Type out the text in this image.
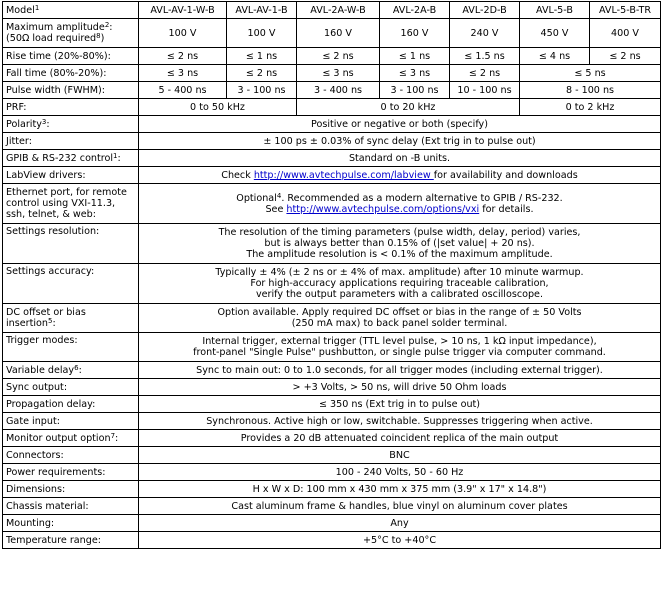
Model$^1$	AVL-AV-1-W-B	AVL-AV-1-B	AVL-2A-W-B	AVL-2A-B	AVL-2D-B	AVL-5-B	AVL-5-B-TR

Maximum amplitude$^2$:
(50Ω load required$^8$)	100 V	100 V	160 V	160 V	240 V	450 V	400 V
Rise time (20%-80%):	≤ 2 ns	≤ 1 ns	≤ 2 ns	≤ 1 ns	≤ 1.5 ns	≤ 4 ns	≤ 2 ns
Fall time (80%-20%):	≤ 3 ns	≤ 2 ns	≤ 3 ns	≤ 3 ns	≤ 2 ns	≤ 5 ns	
Pulse width (FWHM):	5 - 400 ns	3 - 100 ns	3 - 400 ns	3 - 100 ns	10 - 100 ns	8 - 100 ns	
PRF:	0 to 50 kHz		0 to 20 kHz			0 to 2 kHz	
Polarity$^3$:	Positive or negative or both (specify)						
Jitter:	± 100 ps ± 0.03% of sync delay (Ext trig in to pulse out)						
GPIB & RS-232 control$^1$:	Standard on -B units.						
LabView drivers:	Check http://www.avtechpulse.com/labview for availability and downloads						

Ethernet port, for remote
control using VXI-11.3,
ssh, telnet, & web:	Optional$^4$. Recommended as a modern alternative to GPIB / RS-232.
See http://www.avtechpulse.com/options/vxi for details.						

Settings resolution:	The resolution of the timing parameters (pulse width, delay, period) varies,
but is always better than 0.15% of (|set value| + 20 ns).
The amplitude resolution is < 0.1% of the maximum amplitude.						

Settings accuracy:	Typically ± 4% (± 2 ns or ± 4% of max. amplitude) after 10 minute warmup.
For high-accuracy applications requiring traceable calibration,
verify the output parameters with a calibrated oscilloscope.						

DC offset or bias
insertion$^5$:	Option available. Apply required DC offset or bias in the range of ± 50 Volts
(250 mA max) to back panel solder terminal.						

Trigger modes:	Internal trigger, external trigger (TTL level pulse, > 10 ns, 1 kΩ input impedance),
front-panel "Single Pulse" pushbutton, or single pulse trigger via computer command.						

Variable delay$^6$:	Sync to main out: 0 to 1.0 seconds, for all trigger modes (including external trigger).						
Sync output:	> +3 Volts, > 50 ns, will drive 50 Ohm loads						
Propagation delay:	≤ 350 ns (Ext trig in to pulse out)						
Gate input:	Synchronous. Active high or low, switchable. Suppresses triggering when active.						
Monitor output option$^7$:	Provides a 20 dB attenuated coincident replica of the main output						
Connectors:	BNC						
Power requirements:	100 - 240 Volts, 50 - 60 Hz						
Dimensions:	H x W x D: 100 mm x 430 mm x 375 mm (3.9" x 17" x 14.8")						
Chassis material:	Cast aluminum frame & handles, blue vinyl on aluminum cover plates						
Mounting:	Any						
Temperature range:	+5°C to +40°C						
